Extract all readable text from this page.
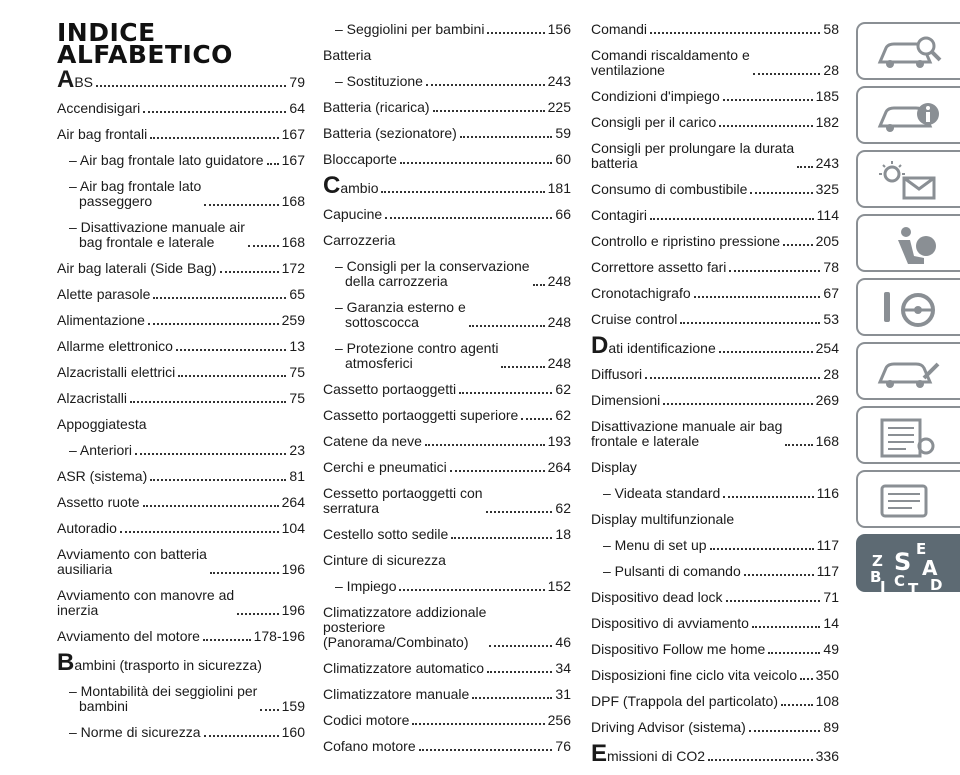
INDICE
ALFABETICO
ABS	79
Accendisigari	64
Air bag frontali	167
– Air bag frontale lato guidatore 167
– Air bag frontale lato
passeggero	168
– Disattivazione manuale air
bag frontale e laterale	168
Air bag laterali (Side Bag)	172
Alette parasole	65
Alimentazione	259
Allarme elettronico	13
Alzacristalli elettrici	75
Alzacristalli	75
Appoggiatesta
– Anteriori	23
ASR (sistema)	81
Assetto ruote	264
Autoradio	104
Avviamento con batteria
ausiliaria	196
Avviamento con manovre ad
inerzia	196
Avviamento del motore	178-196
Bambini (trasporto in sicurezza)
– Montabilità dei seggiolini per
bambini	159
– Norme di sicurezza	160
– Seggiolini per bambini	156
Batteria
– Sostituzione	243
Batteria (ricarica)	225
Batteria (sezionatore)	59
Bloccaporte	60
Cambio	181
Capucine	66
Carrozzeria
– Consigli per la conservazione
della carrozzeria	248
– Garanzia esterno e
sottoscocca	248
– Protezione contro agenti
atmosferici	248
Cassetto portaoggetti	62
Cassetto portaoggetti superiore	62
Catene da neve	193
Cerchi e pneumatici	264
Cessetto portaoggetti con
serratura	62
Cestello sotto sedile	18
Cinture di sicurezza
– Impiego	152
Climatizzatore addizionale
posteriore
(Panorama/Combinato)	46
Climatizzatore automatico	34
Climatizzatore manuale	31
Codici motore	256
Cofano motore	76
Comandi	58
Comandi riscaldamento e
ventilazione	28
Condizioni d'impiego	185
Consigli per il carico	182
Consigli per prolungare la durata
batteria	243
Consumo di combustibile	325
Contagiri	114
Controllo e ripristino pressione	205
Correttore assetto fari	78
Cronotachigrafo	67
Cruise control	53
Dati identificazione	254
Diffusori	28
Dimensioni	269
Disattivazione manuale air bag
frontale e laterale	168
Display
– Videata standard	116
Display multifunzionale
– Menu di set up	117
– Pulsanti di comando	117
Dispositivo dead lock	71
Dispositivo di avviamento	14
Dispositivo Follow me home	49
Disposizioni fine ciclo vita veicolo 350
DPF (Trappola del particolato)	108
Driving Advisor (sistema)	89
Emissioni di CO2	336
Z
E
B
S A
I C D
T
